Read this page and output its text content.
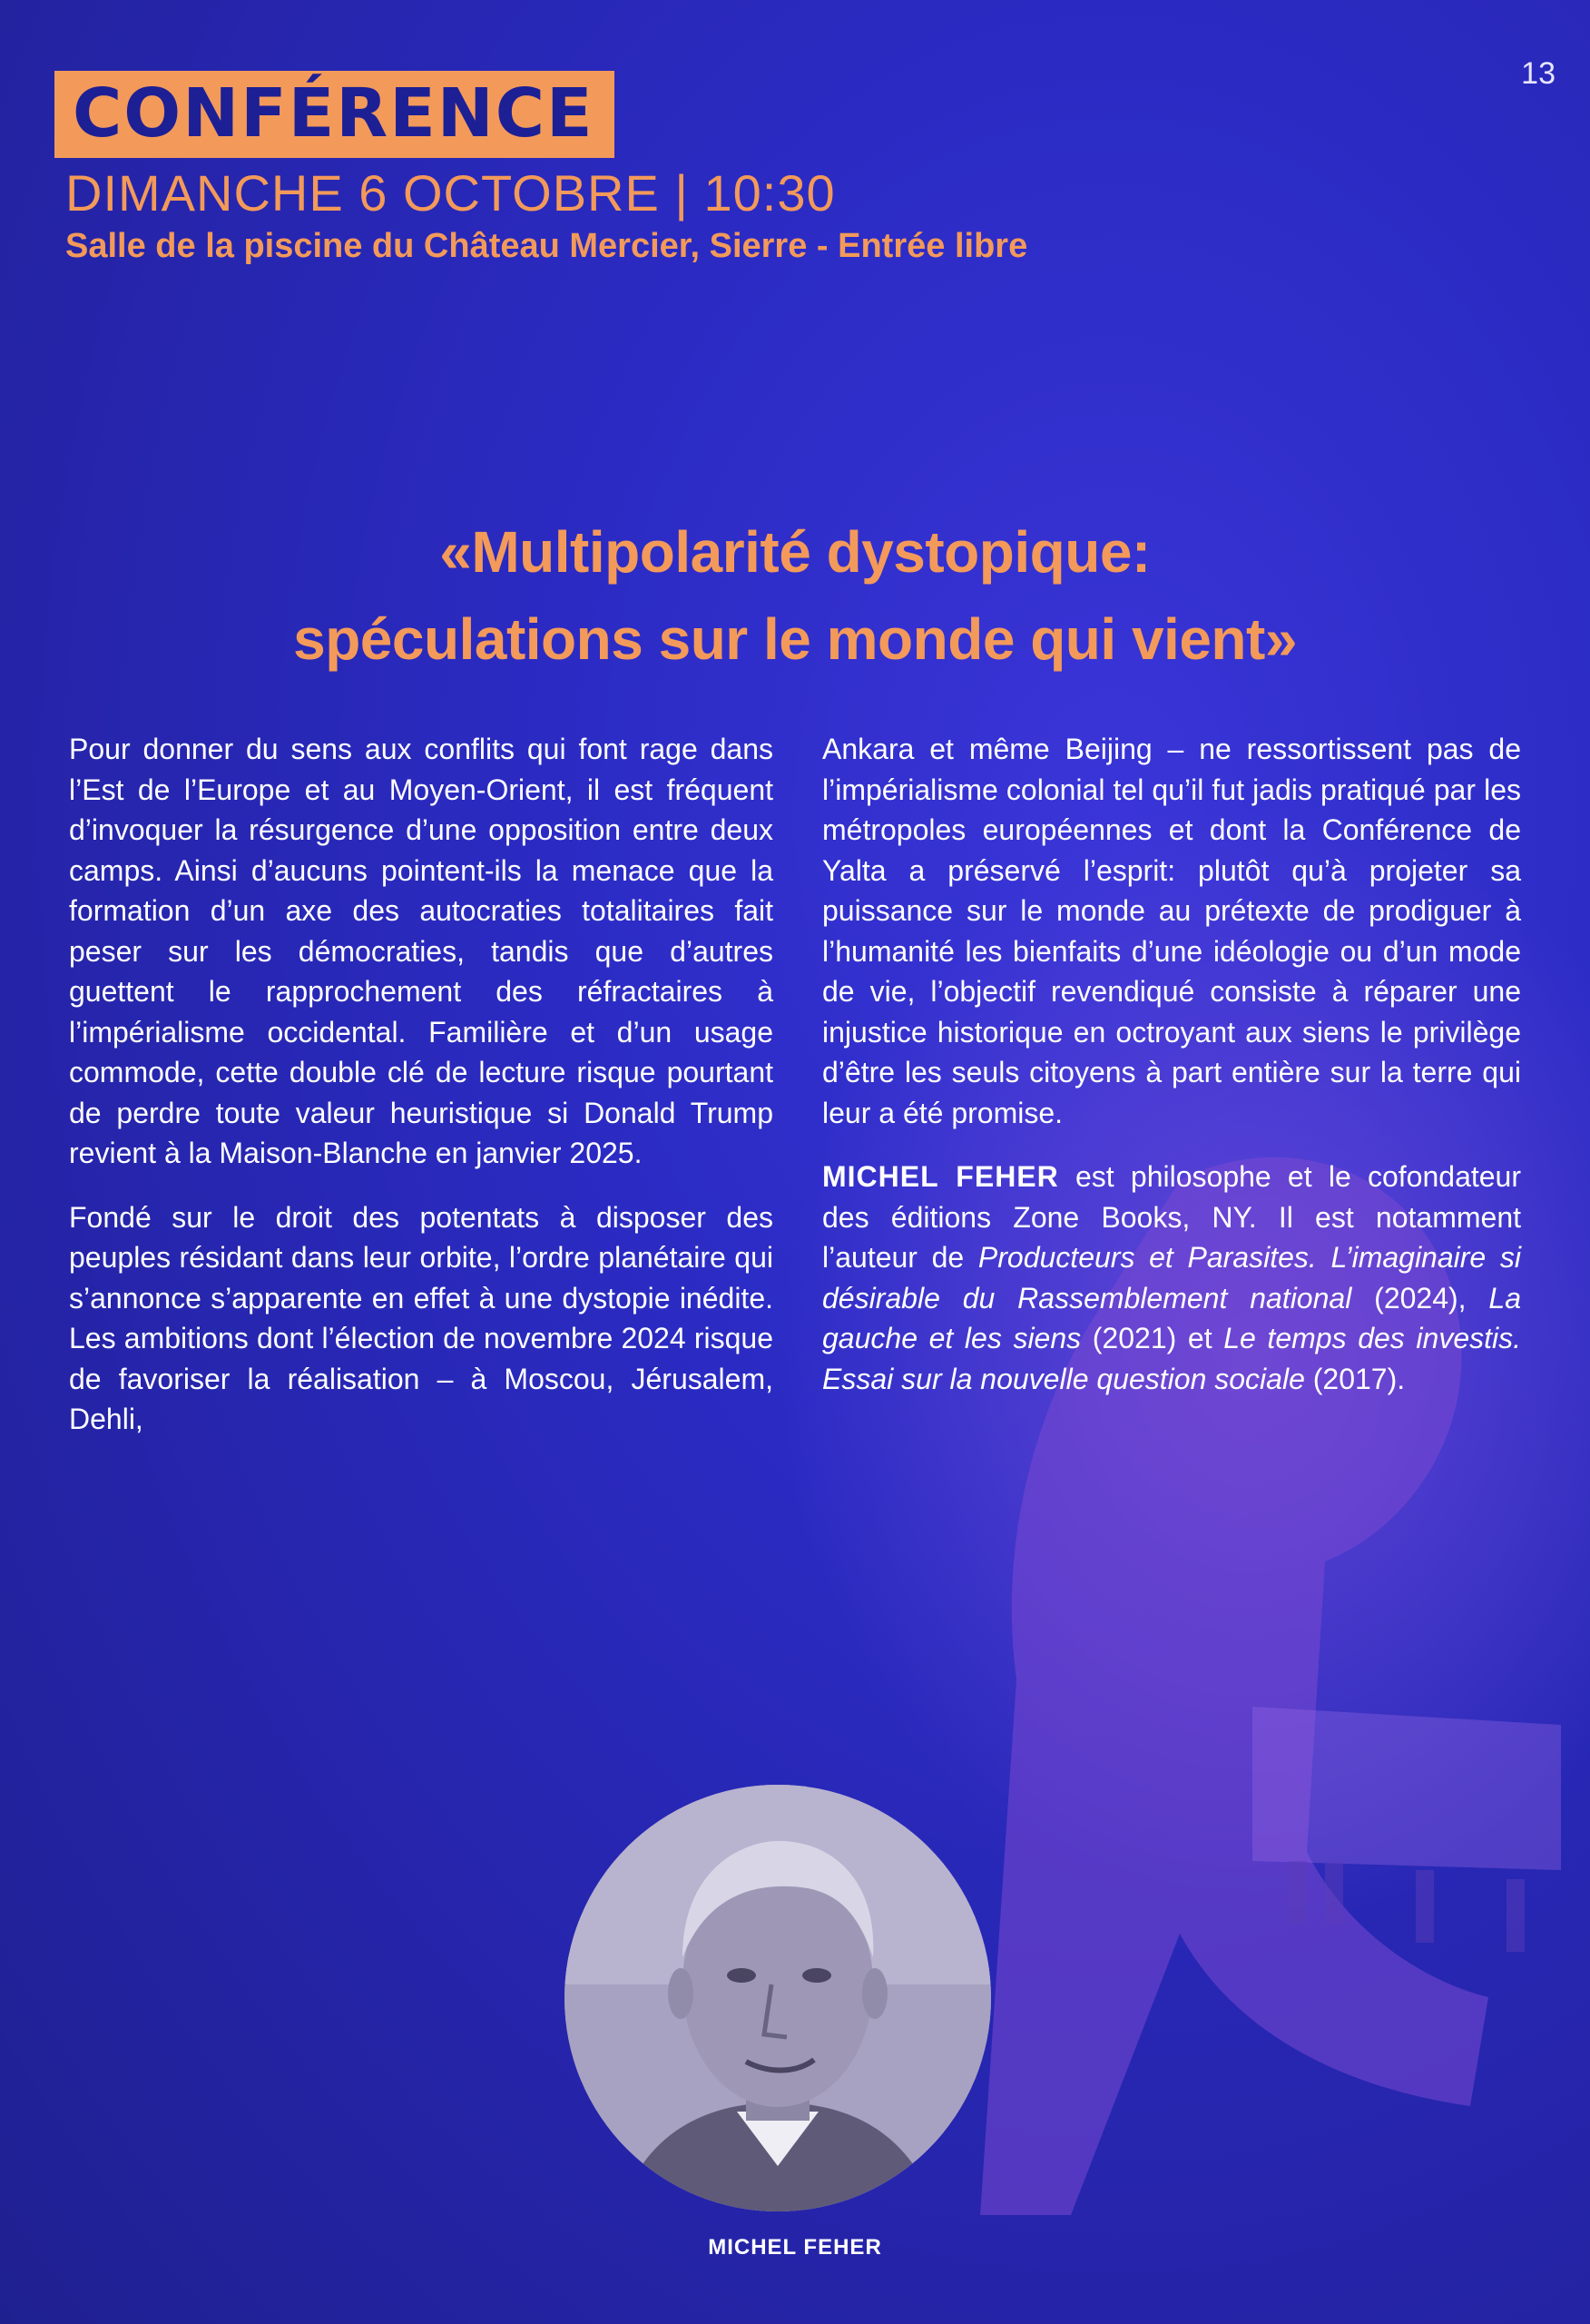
13
CONFÉRENCE
DIMANCHE 6 OCTOBRE | 10:30
Salle de la piscine du Château Mercier, Sierre - Entrée libre
«Multipolarité dystopique:
spéculations sur le monde qui vient»

Pour donner du sens aux conflits qui font rage dans l’Est de l’Europe et au Moyen-Orient, il est fréquent d’invoquer la résurgence d’une opposition entre deux camps. Ainsi d’aucuns pointent-ils la menace que la formation d’un axe des autocraties totalitaires fait peser sur les démocraties, tandis que d’autres guettent le rapprochement des réfractaires à l’impérialisme occidental. Familière et d’un usage commode, cette double clé de lecture risque pourtant de perdre toute valeur heuristique si Donald Trump revient à la Maison-Blanche en janvier 2025.

Fondé sur le droit des potentats à disposer des peuples résidant dans leur orbite, l’ordre planétaire qui s’annonce s’apparente en effet à une dystopie inédite. Les ambitions dont l’élection de novembre 2024 risque de favoriser la réalisation – à Moscou, Jérusalem, Dehli,

Ankara et même Beijing – ne ressortissent pas de l’impérialisme colonial tel qu’il fut jadis pratiqué par les métropoles européennes et dont la Conférence de Yalta a préservé l’esprit: plutôt qu’à projeter sa puissance sur le monde au prétexte de prodiguer à l’humanité les bienfaits d’une idéologie ou d’un mode de vie, l’objectif revendiqué consiste à réparer une injustice historique en octroyant aux siens le privilège d’être les seuls citoyens à part entière sur la terre qui leur a été promise.

MICHEL FEHER est philosophe et le cofondateur des éditions Zone Books, NY. Il est notamment l’auteur de Producteurs et Parasites. L’imaginaire si désirable du Rassemblement national (2024), La gauche et les siens (2021) et Le temps des investis. Essai sur la nouvelle question sociale (2017).

MICHEL FEHER
